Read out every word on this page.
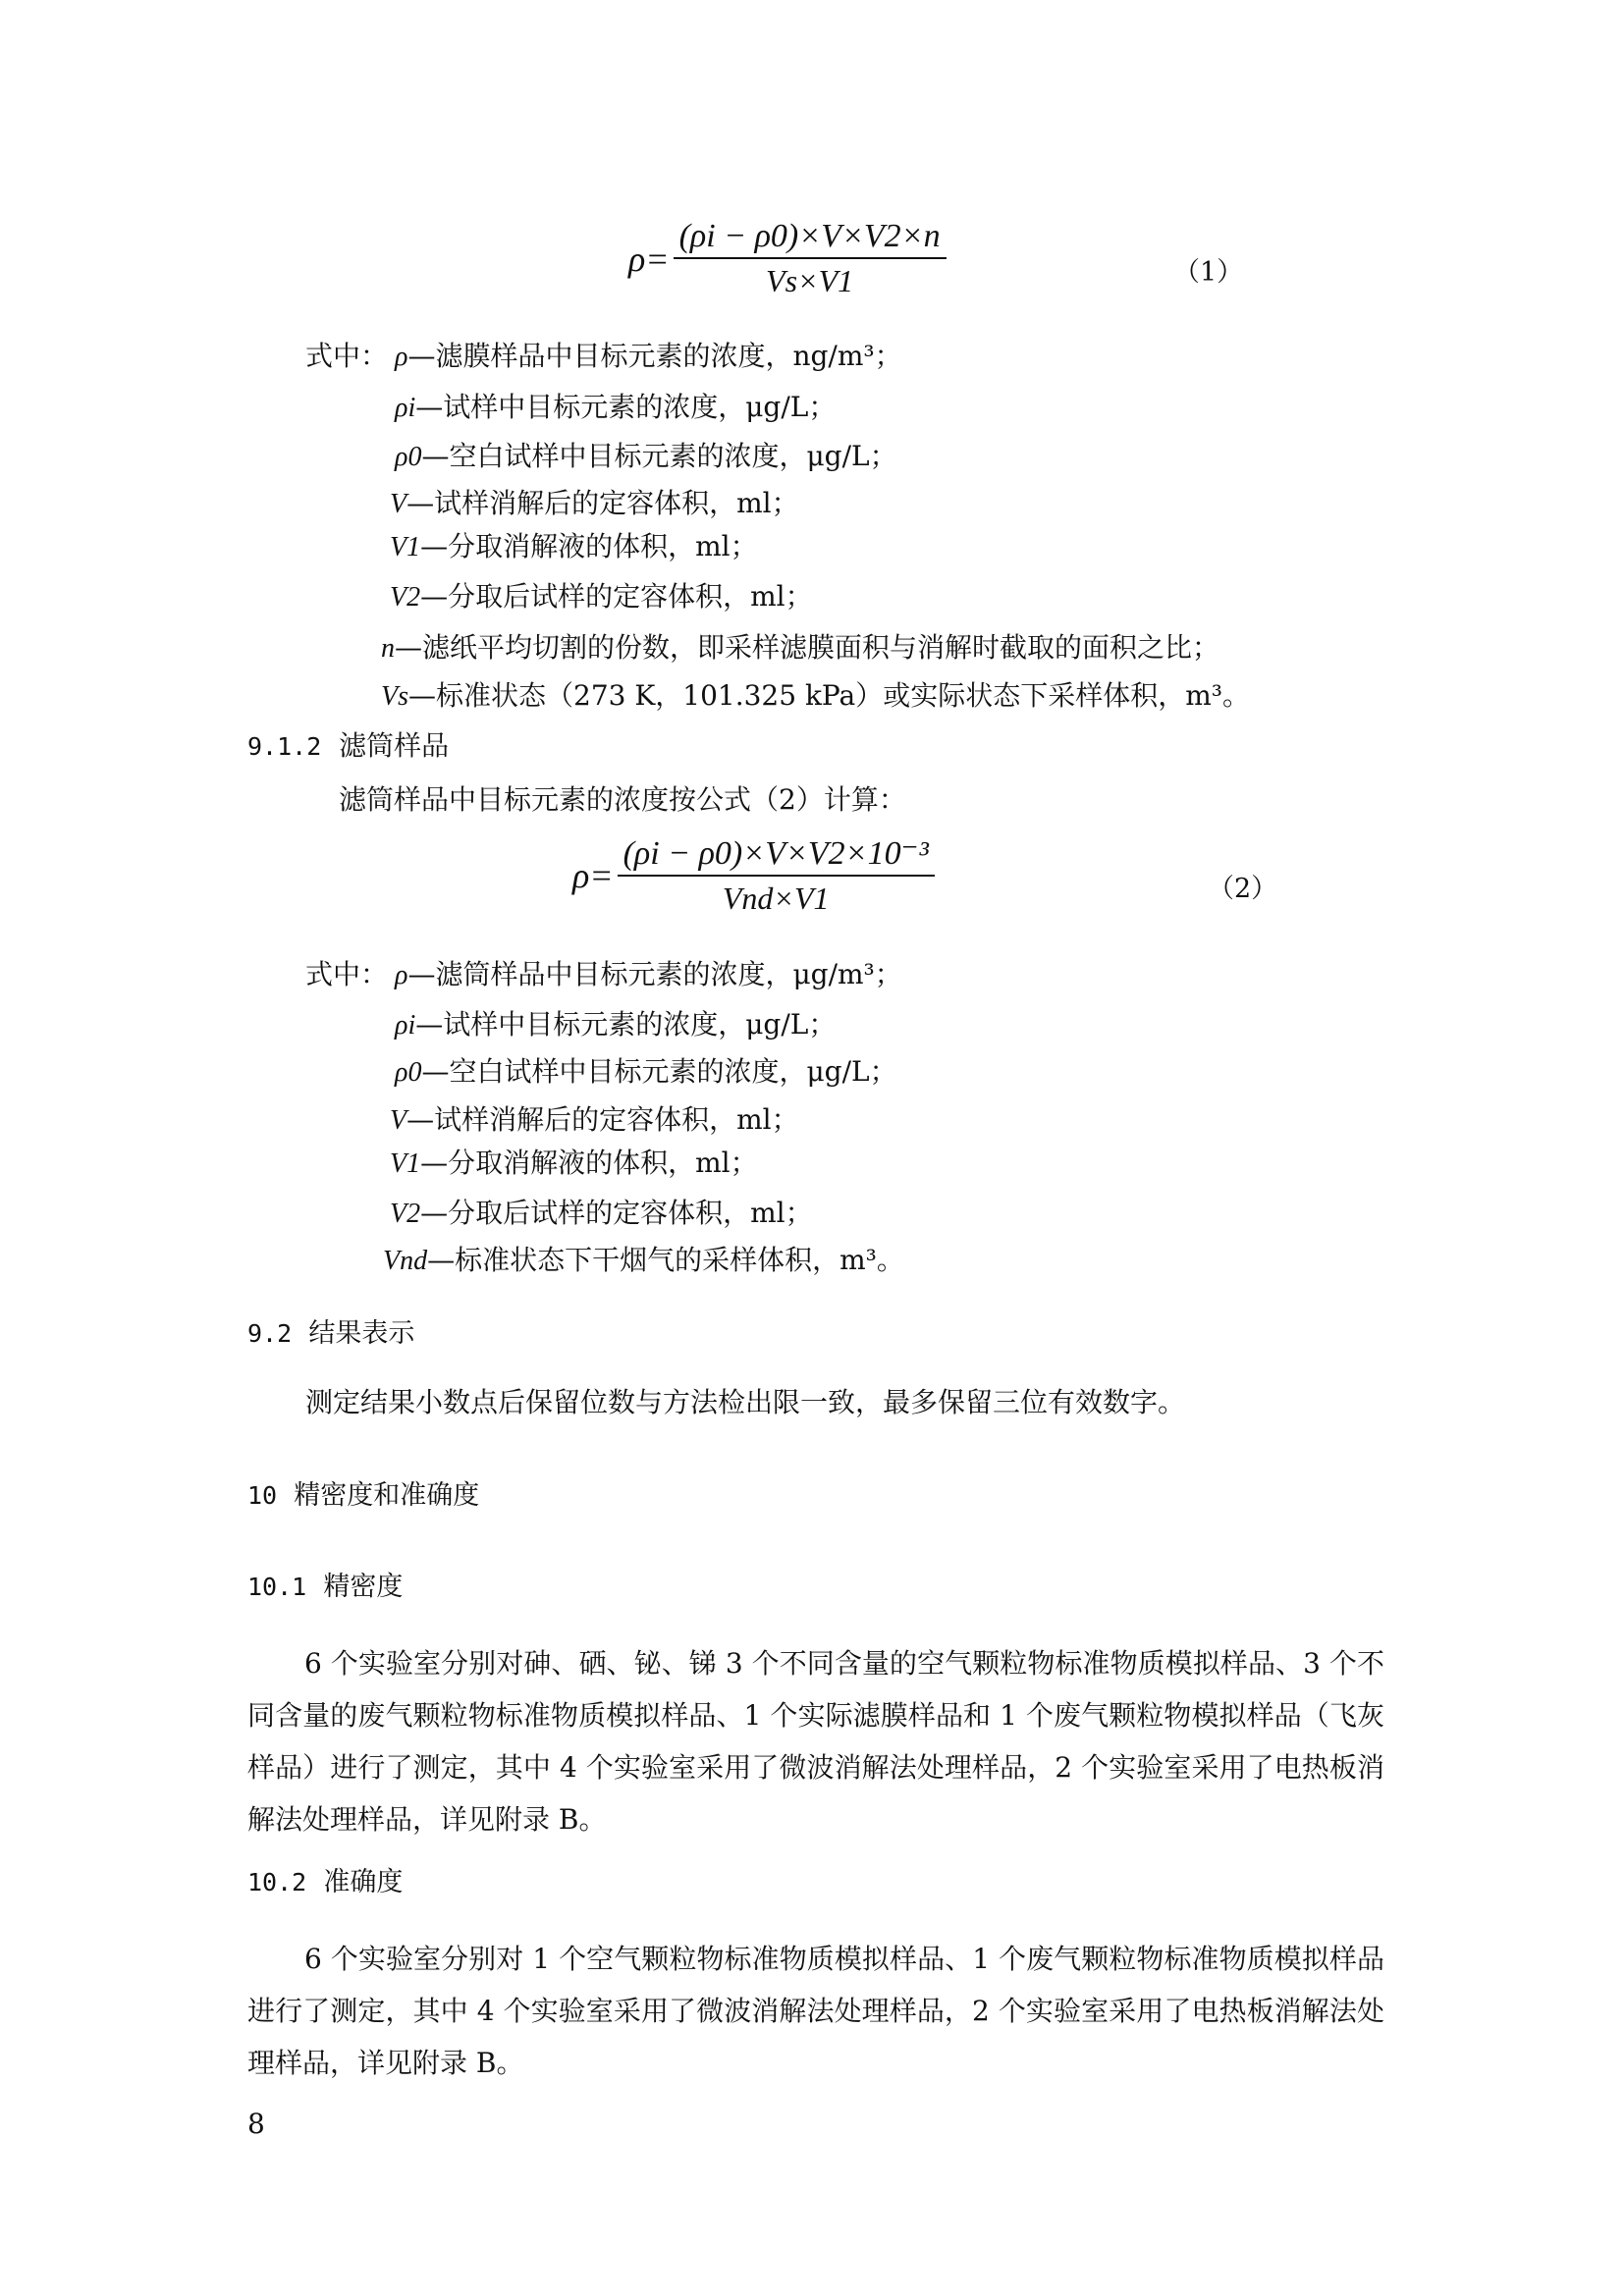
$\rho= \frac{(\rho i - \rho 0)\times V\times V2\times n}{Vs\times V1}$	（1）
式中： ρ—滤膜样品中目标元素的浓度，ng/m³；
ρi—试样中目标元素的浓度，μg/L；
ρ0—空白试样中目标元素的浓度，μg/L；
V—试样消解后的定容体积，ml；
V1—分取消解液的体积，ml；
V2—分取后试样的定容体积，ml；
n—滤纸平均切割的份数，即采样滤膜面积与消解时截取的面积之比；
Vs—标准状态（273 K，101.325 kPa）或实际状态下采样体积，m³。
9.1.2 滤筒样品
滤筒样品中目标元素的浓度按公式（2）计算：
$\rho= \frac{\text{(ρi − ρ0)×V×V2×10⁻³}}{\text{Vnd×V1}}$	（2）
式中： ρ—滤筒样品中目标元素的浓度，μg/m³；
ρi—试样中目标元素的浓度，μg/L；
ρ0—空白试样中目标元素的浓度，μg/L；
V—试样消解后的定容体积，ml；
V1—分取消解液的体积，ml；
V2—分取后试样的定容体积，ml；
Vnd—标准状态下干烟气的采样体积，m³。
9.2 结果表示
测定结果小数点后保留位数与方法检出限一致，最多保留三位有效数字。
10 精密度和准确度
10.1 精密度
6 个实验室分别对砷、硒、铋、锑 3 个不同含量的空气颗粒物标准物质模拟样品、3 个不同含量的废气颗粒物标准物质模拟样品、1 个实际滤膜样品和 1 个废气颗粒物模拟样品（飞灰样品）进行了测定，其中 4 个实验室采用了微波消解法处理样品，2 个实验室采用了电热板消解法处理样品，详见附录 B。
10.2 准确度
6 个实验室分别对 1 个空气颗粒物标准物质模拟样品、1 个废气颗粒物标准物质模拟样品进行了测定，其中 4 个实验室采用了微波消解法处理样品，2 个实验室采用了电热板消解法处理样品，详见附录 B。
8
